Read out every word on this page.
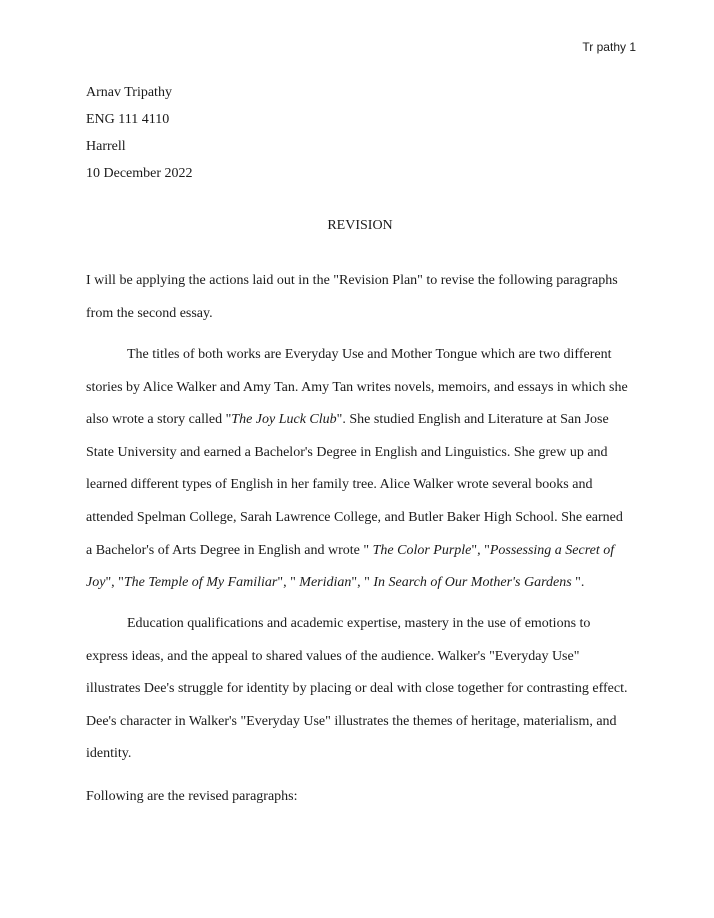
Tr pathy 1
Arnav Tripathy
ENG 111 4110
Harrell
10 December 2022
REVISION
I will be applying the actions laid out in the "Revision Plan" to revise the following paragraphs
from the second essay.
The titles of both works are Everyday Use and Mother Tongue which are two different
stories by Alice Walker and Amy Tan. Amy Tan writes novels, memoirs, and essays in which she
also wrote a story called "The Joy Luck Club". She studied English and Literature at San Jose
State University and earned a Bachelor's Degree in English and Linguistics. She grew up and
learned different types of English in her family tree. Alice Walker wrote several books and
attended Spelman College, Sarah Lawrence College, and Butler Baker High School. She earned
a Bachelor's of Arts Degree in English and wrote " The Color Purple", "Possessing a Secret of
Joy", "The Temple of My Familiar", " Meridian", " In Search of Our Mother's Gardens ".
Education qualifications and academic expertise, mastery in the use of emotions to
express ideas, and the appeal to shared values of the audience. Walker's "Everyday Use"
illustrates Dee's struggle for identity by placing or deal with close together for contrasting effect.
Dee's character in Walker's "Everyday Use" illustrates the themes of heritage, materialism, and
identity.
Following are the revised paragraphs:
